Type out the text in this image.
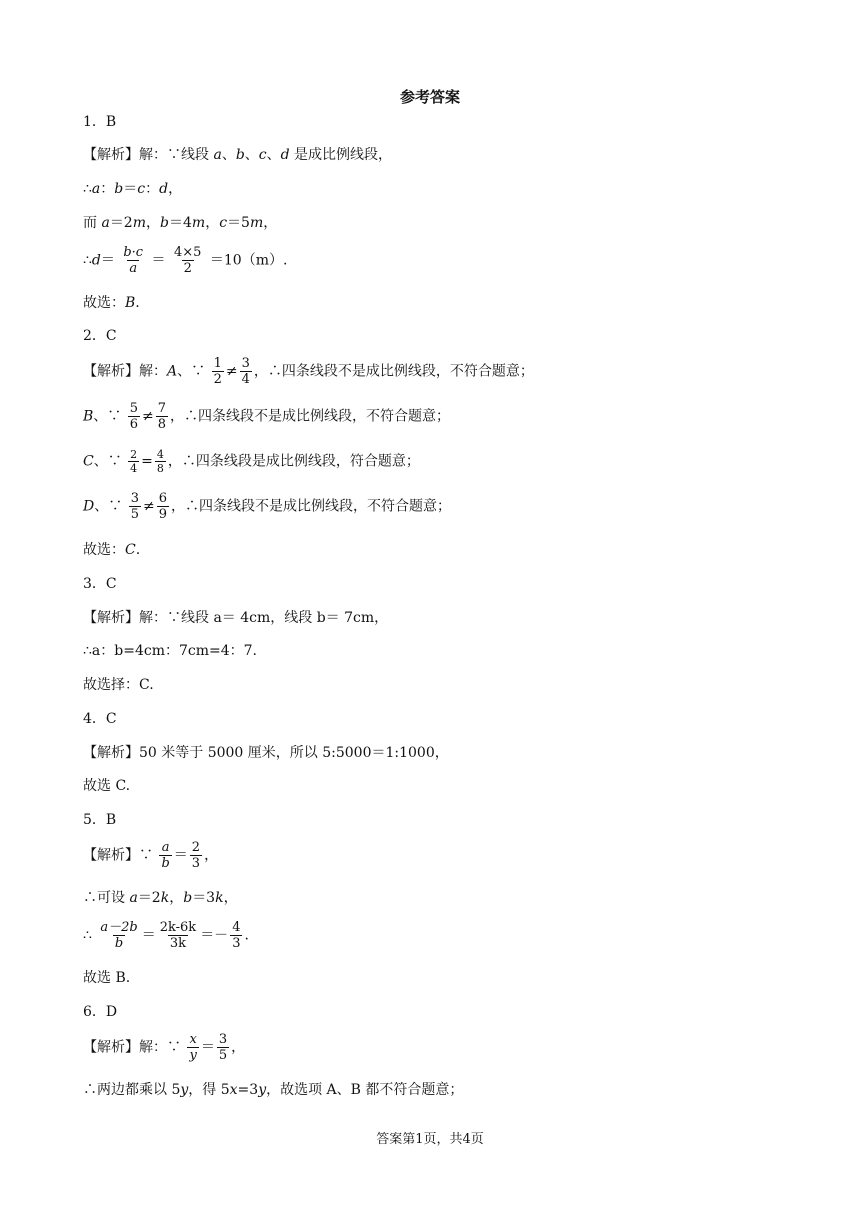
参考答案
1．B
【解析】解：∵线段 a、b、c、d 是成比例线段，
∴a：b＝c：d，
而 a＝2m，b＝4m，c＝5m，
∴d＝ $\frac{b\cdot c}{a} = \frac{4\times 5}{2} =10(m)$.
故选：B.
2．C
【解析】解：A、∵ $\frac{1}{2} \ne \frac{3}{4}$ ，∴四条线段不是成比例线段，不符合题意；
B、∵ $\frac{5}{6} \ne \frac{7}{8}$ ，∴四条线段不是成比例线段，不符合题意；
C、∵ $\frac{2}{4} = \frac{4}{8}$ ，∴四条线段是成比例线段，符合题意；
D、∵ $\frac{3}{5} \ne \frac{6}{9}$ ，∴四条线段不是成比例线段，不符合题意；
故选：C.
3．C
【解析】解：∵线段 a＝ 4cm，线段 b＝ 7cm，
∴a：b=4cm：7cm=4：7.
故选择：C.
4．C
【解析】50 米等于 5000 厘米，所以 5:5000＝1:1000，
故选 C.
5．B
【解析】∵ $\frac{a}{b} = \frac{2}{3}$ ，
∴可设 a＝2k，b＝3k，
∴ $\frac{a-2b}{b} = \frac{2k-6k}{3k} =- \frac{4}{3}$ .
故选 B.
6．D
【解析】解：∵ $\frac{x}{y} = \frac{3}{5}$ ，
∴两边都乘以 5y，得 5x=3y，故选项 A、B 都不符合题意；
答案第1页，共4页
